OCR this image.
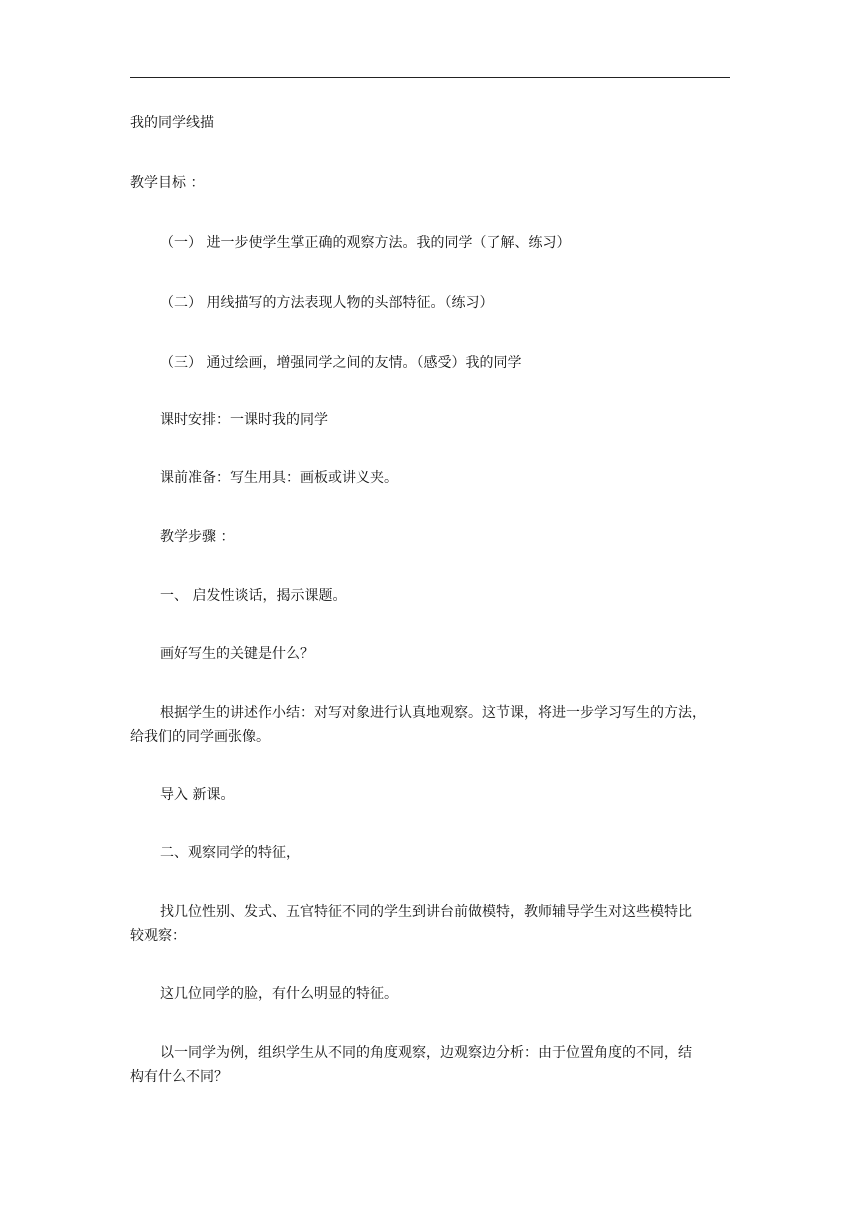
我的同学线描
教学目标 ：
（一） 进一步使学生掌正确的观察方法。我的同学（了解、练习）
（二） 用线描写的方法表现人物的头部特征。（练习）
（三） 通过绘画，增强同学之间的友情。（感受）我的同学
课时安排：一课时我的同学
课前准备：写生用具：画板或讲义夹。
教学步骤 ：
一、 启发性谈话，揭示课题。
画好写生的关键是什么？
根据学生的讲述作小结：对写对象进行认真地观察。这节课，将进一步学习写生的方法，
给我们的同学画张像。
导入 新课。
二、观察同学的特征，
找几位性别、发式、五官特征不同的学生到讲台前做模特，教师辅导学生对这些模特比
较观察：
这几位同学的脸，有什么明显的特征。
以一同学为例，组织学生从不同的角度观察，边观察边分析：由于位置角度的不同，结
构有什么不同？
